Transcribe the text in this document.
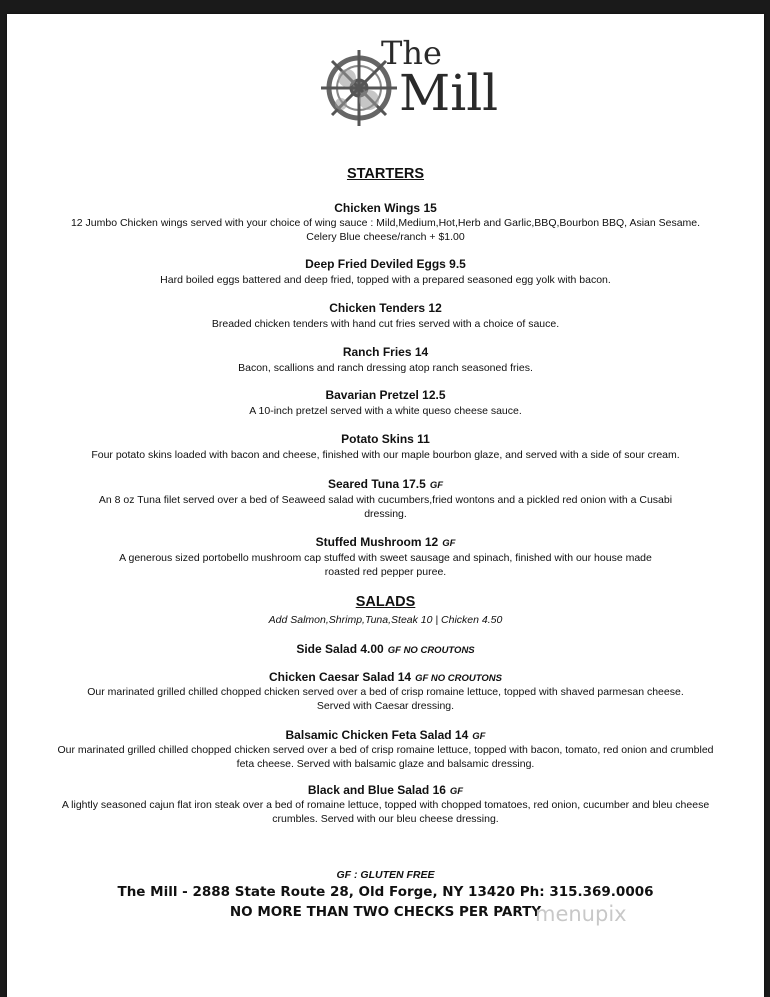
The
Mill
STARTERS
Chicken Wings 15
12 Jumbo Chicken wings served with your choice of wing sauce : Mild,Medium,Hot,Herb and Garlic,BBQ,Bourbon BBQ, Asian Sesame.
Celery Blue cheese/ranch + $1.00
Deep Fried Deviled Eggs 9.5
Hard boiled eggs battered and deep fried, topped with a prepared seasoned egg yolk with bacon.
Chicken Tenders 12
Breaded chicken tenders with hand cut fries served with a choice of sauce.
Ranch Fries 14
Bacon, scallions and ranch dressing atop ranch seasoned fries.
Bavarian Pretzel 12.5
A 10-inch pretzel served with a white queso cheese sauce.
Potato Skins 11
Four potato skins loaded with bacon and cheese, finished with our maple bourbon glaze, and served with a side of sour cream.
Seared Tuna 17.5 GF
An 8 oz Tuna filet served over a bed of Seaweed salad with cucumbers,fried wontons and a pickled red onion with a Cusabi
dressing.
Stuffed Mushroom 12 GF
A generous sized portobello mushroom cap stuffed with sweet sausage and spinach, finished with our house made
roasted red pepper puree.
SALADS
Add Salmon,Shrimp,Tuna,Steak 10 | Chicken 4.50
Side Salad 4.00 GF NO CROUTONS
Chicken Caesar Salad 14 GF NO CROUTONS
Our marinated grilled chilled chopped chicken served over a bed of crisp romaine lettuce, topped with shaved parmesan cheese.
Served with Caesar dressing.
Balsamic Chicken Feta Salad 14 GF
Our marinated grilled chilled chopped chicken served over a bed of crisp romaine lettuce, topped with bacon, tomato, red onion and crumbled
feta cheese. Served with balsamic glaze and balsamic dressing.
Black and Blue Salad 16 GF
A lightly seasoned cajun flat iron steak over a bed of romaine lettuce, topped with chopped tomatoes, red onion, cucumber and bleu cheese
crumbles. Served with our bleu cheese dressing.
GF : GLUTEN FREE
The Mill - 2888 State Route 28, Old Forge, NY 13420 Ph: 315.369.0006
NO MORE THAN TWO CHECKS PER PARTY
menupix
